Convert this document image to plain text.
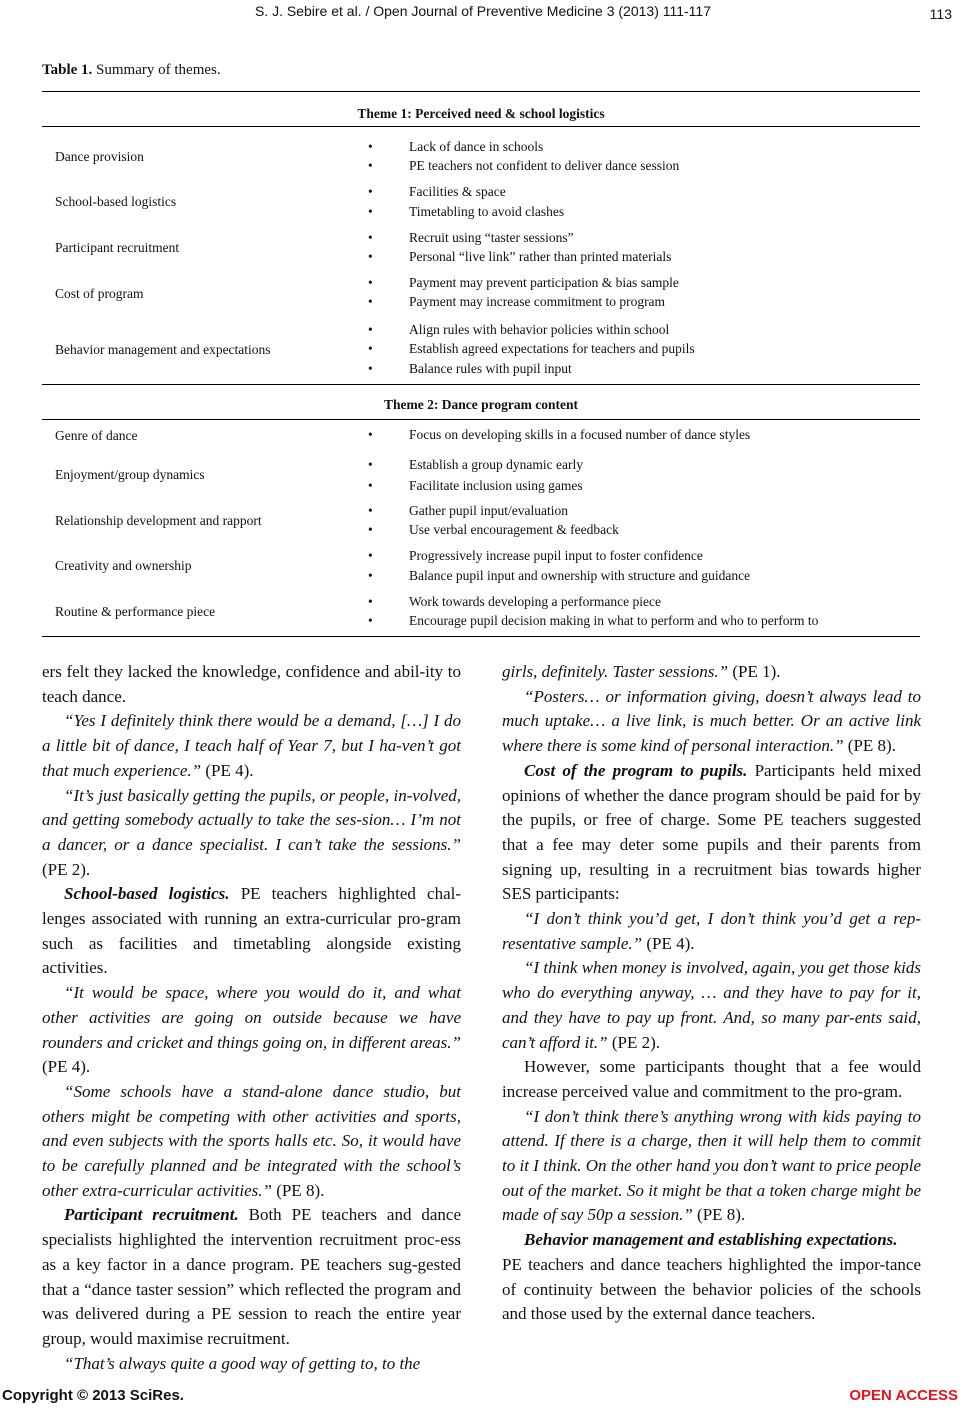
S. J. Sebire et al. / Open Journal of Preventive Medicine 3 (2013) 111-117	113
Table 1. Summary of themes.
Theme 1: Perceived need & school logistics
Dance provision
•	Lack of dance in schools
•	PE teachers not confident to deliver dance session
School-based logistics
•	Facilities & space
•	Timetabling to avoid clashes
Participant recruitment
•	Recruit using “taster sessions”
•	Personal “live link” rather than printed materials
Cost of program
•	Payment may prevent participation & bias sample
•	Payment may increase commitment to program
Behavior management and expectations
•	Align rules with behavior policies within school
•	Establish agreed expectations for teachers and pupils
•	Balance rules with pupil input
Theme 2: Dance program content
Genre of dance	•	Focus on developing skills in a focused number of dance styles
Enjoyment/group dynamics
•	Establish a group dynamic early
•	Facilitate inclusion using games
Relationship development and rapport
•	Gather pupil input/evaluation
•	Use verbal encouragement & feedback
Creativity and ownership
•	Progressively increase pupil input to foster confidence
•	Balance pupil input and ownership with structure and guidance
Routine & performance piece
•	Work towards developing a performance piece
•	Encourage pupil decision making in what to perform and who to perform to

ers felt they lacked the knowledge, confidence and abil-ity to teach dance.

“Yes I definitely think there would be a demand, […] I do a little bit of dance, I teach half of Year 7, but I ha-ven’t got that much experience.” (PE 4).

“It’s just basically getting the pupils, or people, in-volved, and getting somebody actually to take the ses-sion… I’m not a dancer, or a dance specialist. I can’t take the sessions.” (PE 2).

School-based logistics. PE teachers highlighted chal-lenges associated with running an extra-curricular pro-gram such as facilities and timetabling alongside existing activities.

“It would be space, where you would do it, and what other activities are going on outside because we have rounders and cricket and things going on, in different areas.” (PE 4).

“Some schools have a stand-alone dance studio, but others might be competing with other activities and sports, and even subjects with the sports halls etc. So, it would have to be carefully planned and be integrated with the school’s other extra-curricular activities.” (PE 8).

Participant recruitment. Both PE teachers and dance specialists highlighted the intervention recruitment proc-ess as a key factor in a dance program. PE teachers sug-gested that a “dance taster session” which reflected the program and was delivered during a PE session to reach the entire year group, would maximise recruitment.

“That’s always quite a good way of getting to, to the

girls, definitely. Taster sessions.” (PE 1).

“Posters… or information giving, doesn’t always lead to much uptake… a live link, is much better. Or an active link where there is some kind of personal interaction.” (PE 8).

Cost of the program to pupils. Participants held mixed opinions of whether the dance program should be paid for by the pupils, or free of charge. Some PE teachers suggested that a fee may deter some pupils and their parents from signing up, resulting in a recruitment bias towards higher SES participants:

“I don’t think you’d get, I don’t think you’d get a rep-resentative sample.” (PE 4).

“I think when money is involved, again, you get those kids who do everything anyway, … and they have to pay for it, and they have to pay up front. And, so many par-ents said, can’t afford it.” (PE 2).

However, some participants thought that a fee would increase perceived value and commitment to the pro-gram.

“I don’t think there’s anything wrong with kids paying to attend. If there is a charge, then it will help them to commit to it I think. On the other hand you don’t want to price people out of the market. So it might be that a token charge might be made of say 50p a session.” (PE 8).

Behavior management and establishing expectations.

PE teachers and dance teachers highlighted the impor-tance of continuity between the behavior policies of the schools and those used by the external dance teachers.

Copyright © 2013 SciRes.	OPEN ACCESS
